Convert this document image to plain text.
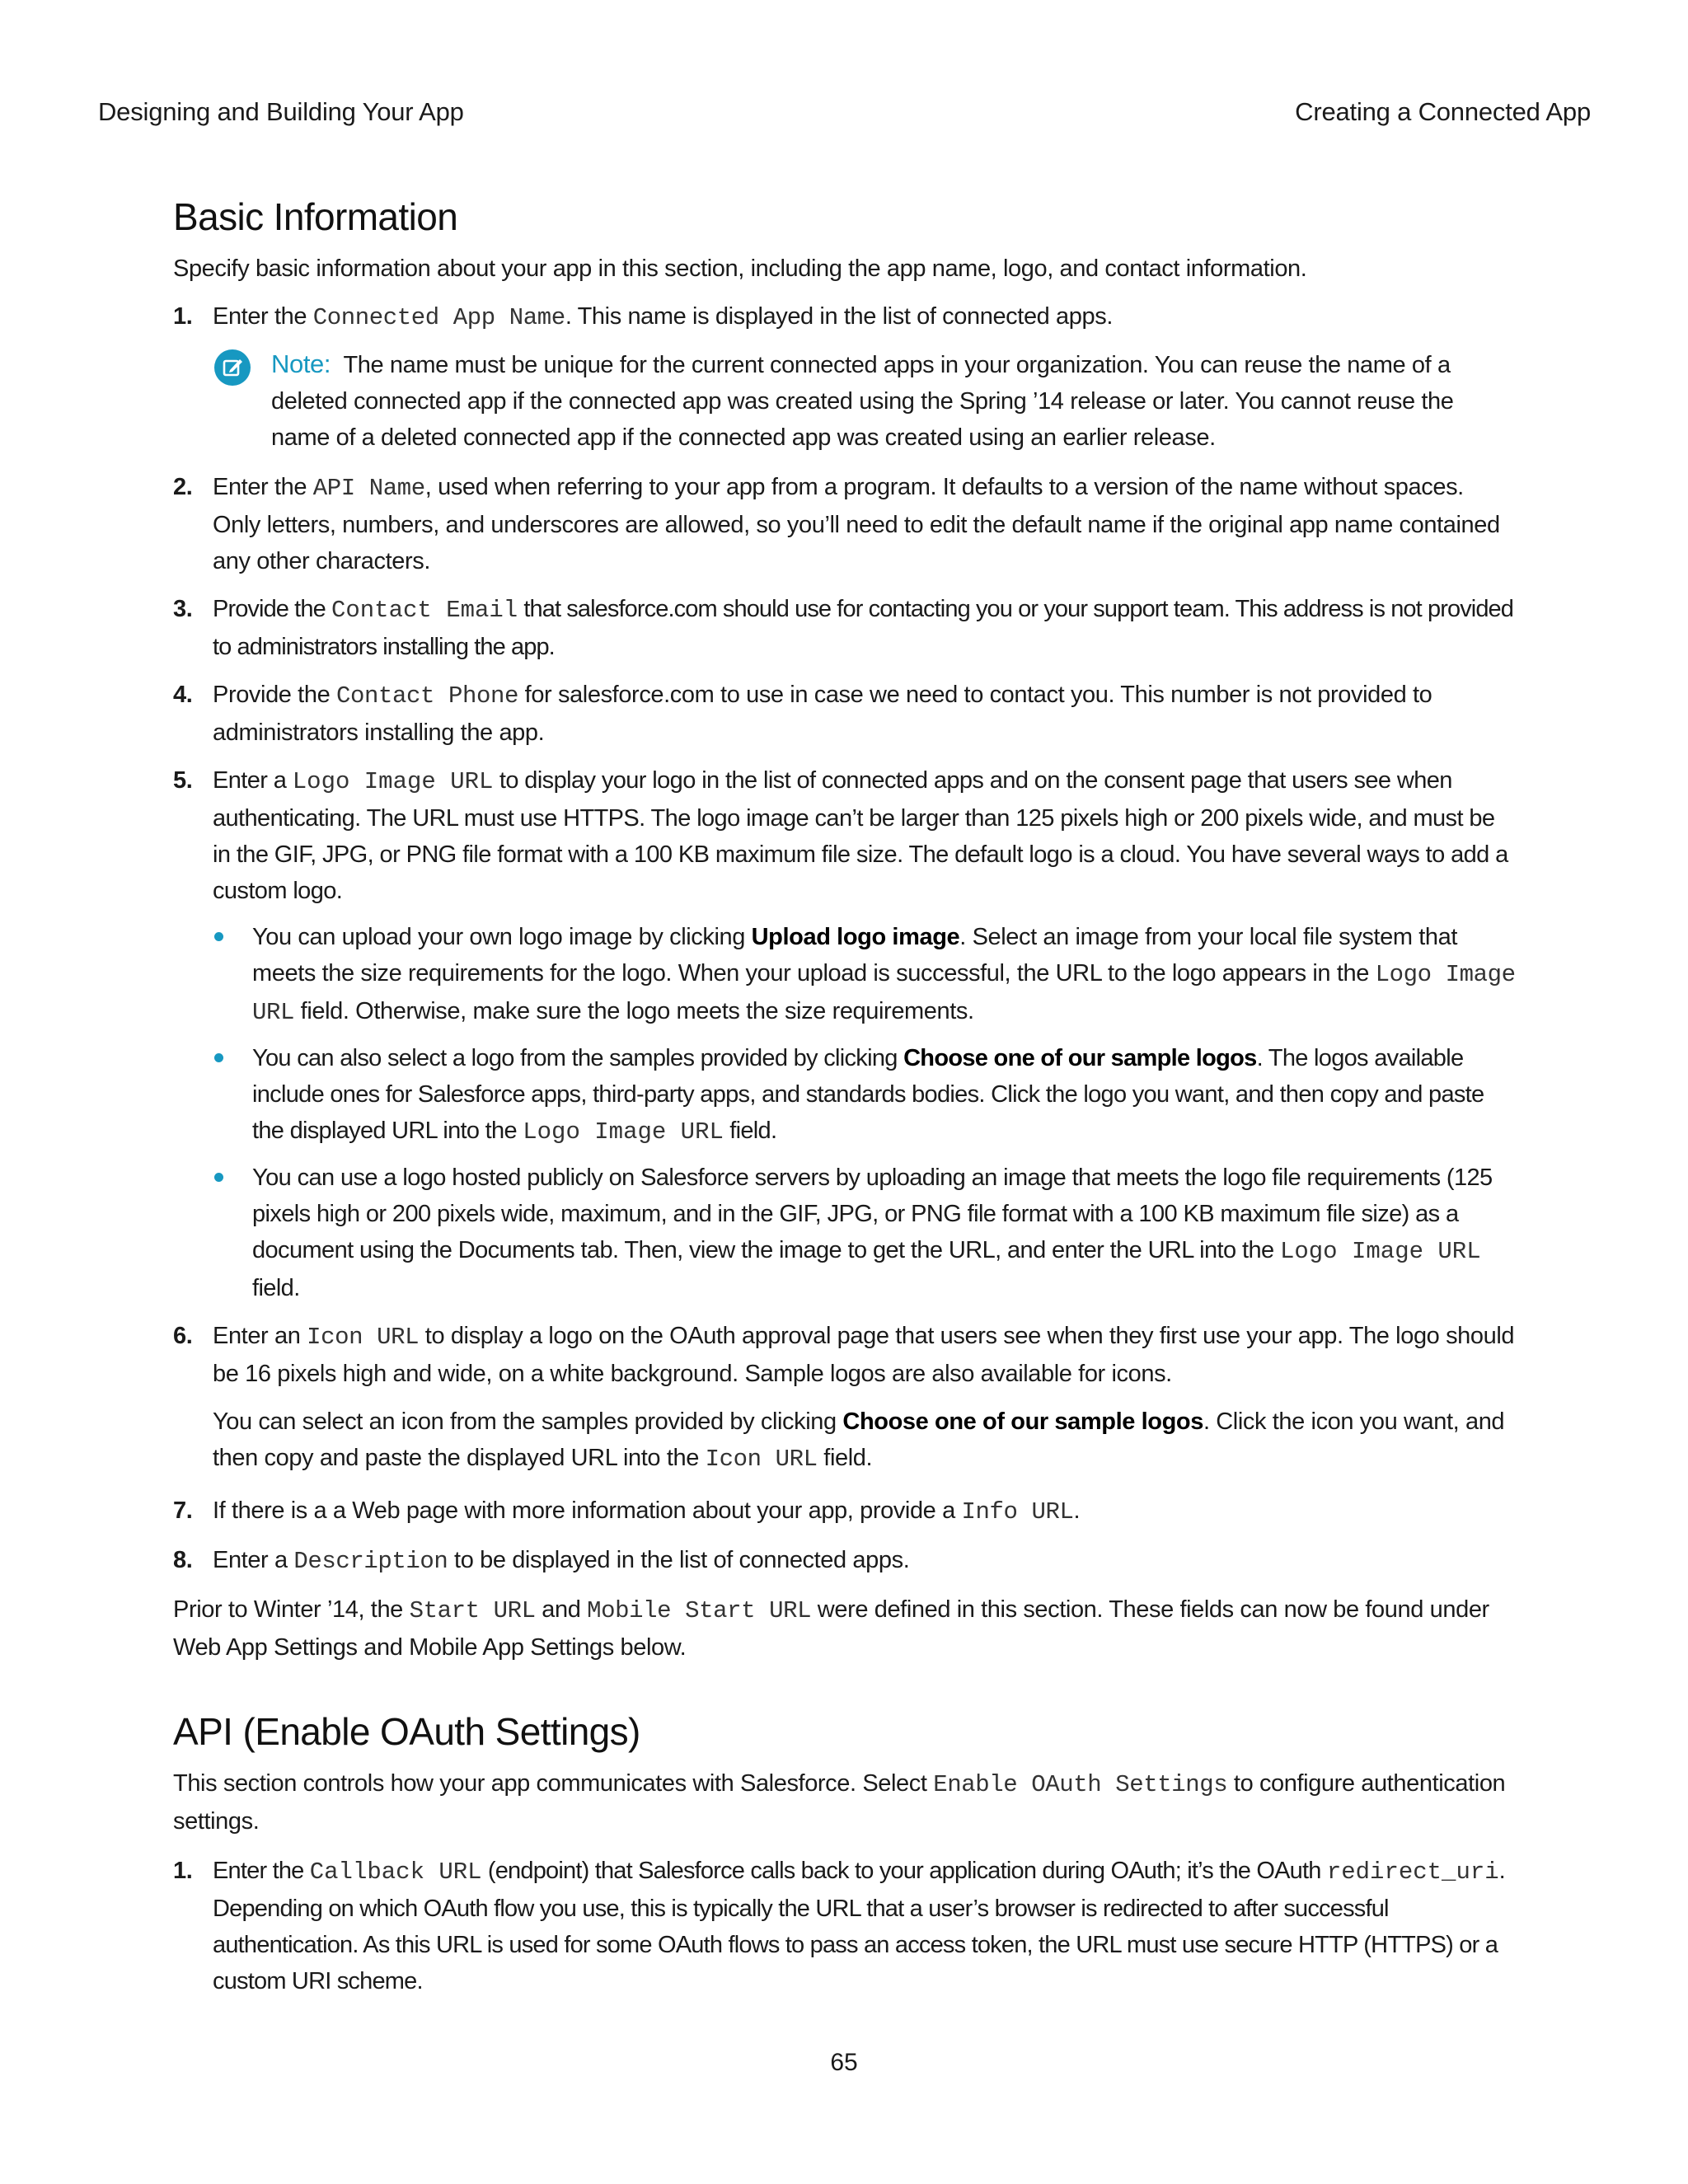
Designing and Building Your App	Creating a Connected App
Basic Information

Specify basic information about your app in this section, including the app name, logo, and contact information.

1. Enter the Connected App Name. This name is displayed in the list of connected apps.

Note: The name must be unique for the current connected apps in your organization. You can reuse the name of a deleted connected app if the connected app was created using the Spring ’14 release or later. You cannot reuse the name of a deleted connected app if the connected app was created using an earlier release.

2. Enter the API Name, used when referring to your app from a program. It defaults to a version of the name without spaces. Only letters, numbers, and underscores are allowed, so you’ll need to edit the default name if the original app name contained any other characters.

3. Provide the Contact Email that salesforce.com should use for contacting you or your support team. This address is not provided to administrators installing the app.

4. Provide the Contact Phone for salesforce.com to use in case we need to contact you. This number is not provided to administrators installing the app.

5. Enter a Logo Image URL to display your logo in the list of connected apps and on the consent page that users see when authenticating. The URL must use HTTPS. The logo image can’t be larger than 125 pixels high or 200 pixels wide, and must be in the GIF, JPG, or PNG file format with a 100 KB maximum file size. The default logo is a cloud. You have several ways to add a custom logo.

You can upload your own logo image by clicking Upload logo image. Select an image from your local file system that meets the size requirements for the logo. When your upload is successful, the URL to the logo appears in the Logo Image URL field. Otherwise, make sure the logo meets the size requirements.
You can also select a logo from the samples provided by clicking Choose one of our sample logos. The logos available include ones for Salesforce apps, third-party apps, and standards bodies. Click the logo you want, and then copy and paste the displayed URL into the Logo Image URL field.
You can use a logo hosted publicly on Salesforce servers by uploading an image that meets the logo file requirements (125 pixels high or 200 pixels wide, maximum, and in the GIF, JPG, or PNG file format with a 100 KB maximum file size) as a document using the Documents tab. Then, view the image to get the URL, and enter the URL into the Logo Image URL field.
6. Enter an Icon URL to display a logo on the OAuth approval page that users see when they first use your app. The logo should be 16 pixels high and wide, on a white background. Sample logos are also available for icons.

You can select an icon from the samples provided by clicking Choose one of our sample logos. Click the icon you want, and then copy and paste the displayed URL into the Icon URL field.

7. If there is a a Web page with more information about your app, provide a Info URL.

8. Enter a Description to be displayed in the list of connected apps.

Prior to Winter ’14, the Start URL and Mobile Start URL were defined in this section. These fields can now be found under Web App Settings and Mobile App Settings below.

API (Enable OAuth Settings)

This section controls how your app communicates with Salesforce. Select Enable OAuth Settings to configure authentication settings.

1. Enter the Callback URL (endpoint) that Salesforce calls back to your application during OAuth; it’s the OAuth redirect_uri. Depending on which OAuth flow you use, this is typically the URL that a user’s browser is redirected to after successful authentication. As this URL is used for some OAuth flows to pass an access token, the URL must use secure HTTP (HTTPS) or a custom URI scheme.

65
